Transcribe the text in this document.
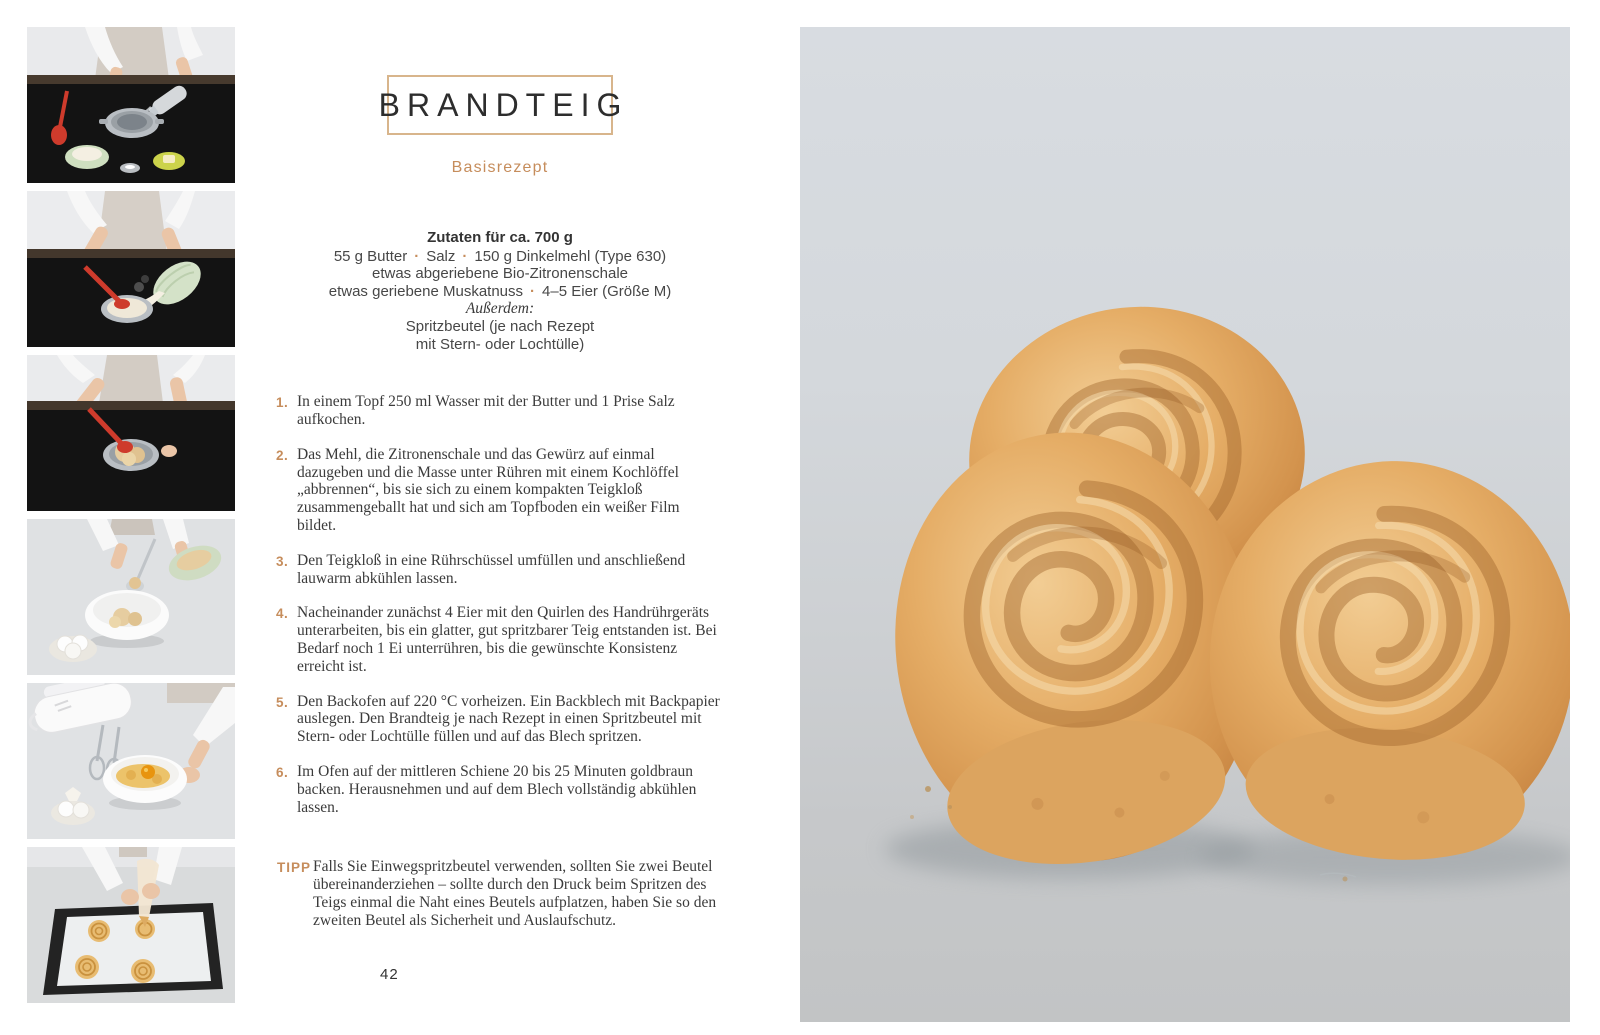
BRANDTEIG
Basisrezept
Zutaten für ca. 700 g
55 g Butter · Salz · 150 g Dinkelmehl (Type 630)
etwas abgeriebene Bio-Zitronenschale
etwas geriebene Muskatnuss · 4–5 Eier (Größe M)
Außerdem:
Spritzbeutel (je nach Rezept
mit Stern- oder Lochtülle)
1. In einem Topf 250 ml Wasser mit der Butter und 1 Prise Salz aufkochen.
2. Das Mehl, die Zitronenschale und das Gewürz auf einmal dazugeben und die Masse unter Rühren mit einem Kochlöffel „abbrennen“, bis sie sich zu einem kompakten Teigkloß zusammengeballt hat und sich am Topfboden ein weißer Film bildet.
3. Den Teigkloß in eine Rührschüssel umfüllen und anschließend lauwarm abkühlen lassen.
4. Nacheinander zunächst 4 Eier mit den Quirlen des Handrührgeräts unterarbeiten, bis ein glatter, gut spritzbarer Teig entstanden ist. Bei Bedarf noch 1 Ei unterrühren, bis die gewünschte Konsistenz erreicht ist.
5. Den Backofen auf 220 °C vorheizen. Ein Backblech mit Backpapier auslegen. Den Brandteig je nach Rezept in einen Spritzbeutel mit Stern- oder Lochtülle füllen und auf das Blech spritzen.
6. Im Ofen auf der mittleren Schiene 20 bis 25 Minuten goldbraun backen. Herausnehmen und auf dem Blech vollständig abkühlen lassen.
TIPP Falls Sie Einwegspritzbeutel verwenden, sollten Sie zwei Beutel übereinanderziehen – sollte durch den Druck beim Spritzen des Teigs einmal die Naht eines Beutels aufplatzen, haben Sie so den zweiten Beutel als Sicherheit und Auslaufschutz.
42
